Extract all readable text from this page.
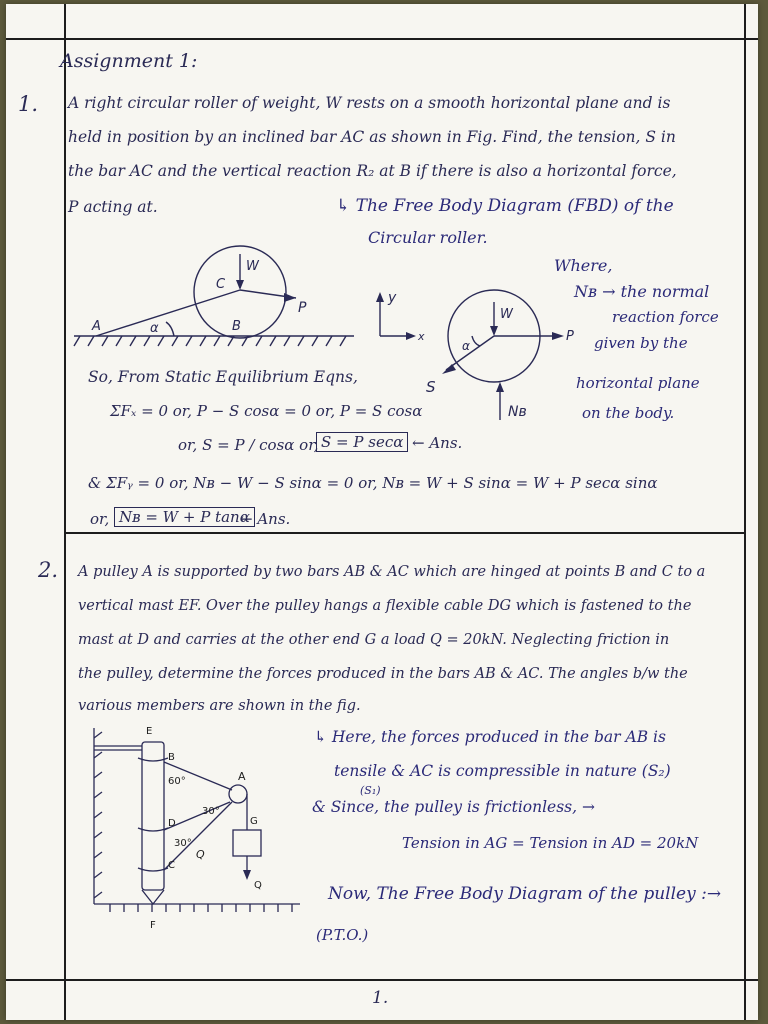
Assignment 1:
1. A right circular roller of weight, W rests on a smooth horizontal plane and is
held in position by an inclined bar AC as shown in Fig. Find, the tension, S in
the bar AC and the vertical reaction R₂ at B if there is also a horizontal force,
P acting at.	↳ The Free Body Diagram (FBD) of the
Circular roller.
Where,
Nʙ → the normal
reaction force
given by the
horizontal plane
on the body.
W
C
P
A	α	B
y
x
W
P
α
S
Nʙ
So, From Static Equilibrium Eqns,
ΣFₓ = 0 or, P − S cosα = 0 or, P = S cosα
or, S = P / cosα or, S = P secα ← Ans.
& ΣFᵧ = 0 or, Nʙ − W − S sinα = 0 or, Nʙ = W + S sinα = W + P secα sinα
or, Nʙ = W + P tanα
← Ans.
2. A pulley A is supported by two bars AB & AC which are hinged at points B and C to a
vertical mast EF. Over the pulley hangs a flexible cable DG which is fastened to the
mast at D and carries at the other end G a load Q = 20kN. Neglecting friction in
the pulley, determine the forces produced in the bars AB & AC. The angles b/w the
various members are shown in the fig.
E
B
A
60°
30°
30°
D
C
G
Q
Q
F
↳ Here, the forces produced in the bar AB is
tensile & AC is compressible in nature (S₂)
(S₁)
& Since, the pulley is frictionless, →
Tension in AG = Tension in AD = 20kN
Now, The Free Body Diagram of the pulley :→
(P.T.O.)
1.
